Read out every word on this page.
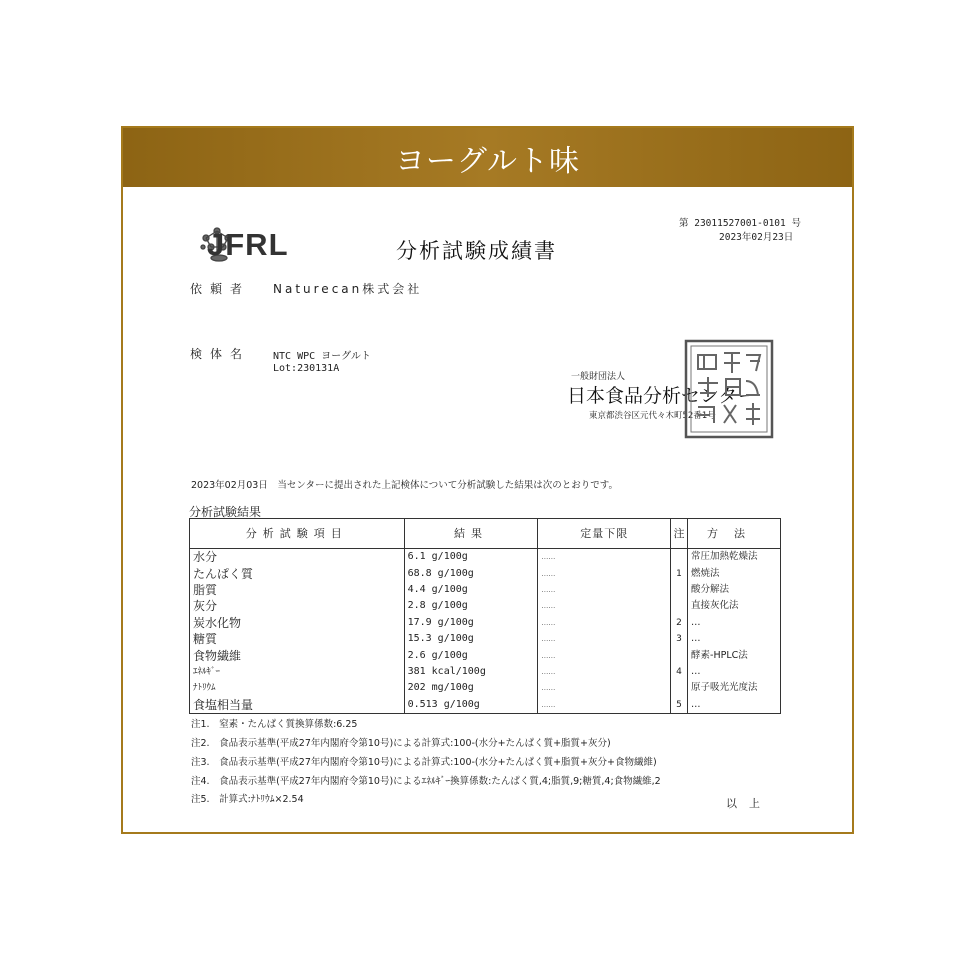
ヨーグルト味
JFRL	分析試験成績書
第 23011527001-0101 号
2023年02月23日
依頼者 Naturecan株式会社
検体名 NTC WPC ヨーグルト
Lot:230131A
一般財団法人
日本食品分析センター
東京都渋谷区元代々木町52番1号
2023年02月03日　当センターに提出された上記検体について分析試験した結果は次のとおりです。
分析試験結果
分析試験項目	結果	定量下限	注	方法
水分	6.1 g/100g	……		常圧加熱乾燥法
たんぱく質	68.8 g/100g	……	1	燃焼法
脂質	4.4 g/100g	……		酸分解法
灰分	2.8 g/100g	……		直接灰化法
炭水化物	17.9 g/100g	……	2	…
糖質	15.3 g/100g	……	3	…
食物繊維	2.6 g/100g	……		酵素-HPLC法
ｴﾈﾙｷﾞｰ	381 kcal/100g	……	4	…
ﾅﾄﾘｳﾑ	202 mg/100g	……		原子吸光光度法
食塩相当量	0.513 g/100g	……	5	…
注1.　窒素・たんぱく質換算係数:6.25
注2.　食品表示基準(平成27年内閣府令第10号)による計算式:100-(水分+たんぱく質+脂質+灰分)
注3.　食品表示基準(平成27年内閣府令第10号)による計算式:100-(水分+たんぱく質+脂質+灰分+食物繊維)
注4.　食品表示基準(平成27年内閣府令第10号)によるｴﾈﾙｷﾞｰ換算係数:たんぱく質,4;脂質,9;糖質,4;食物繊維,2
注5.　計算式:ﾅﾄﾘｳﾑ×2.54	以上
